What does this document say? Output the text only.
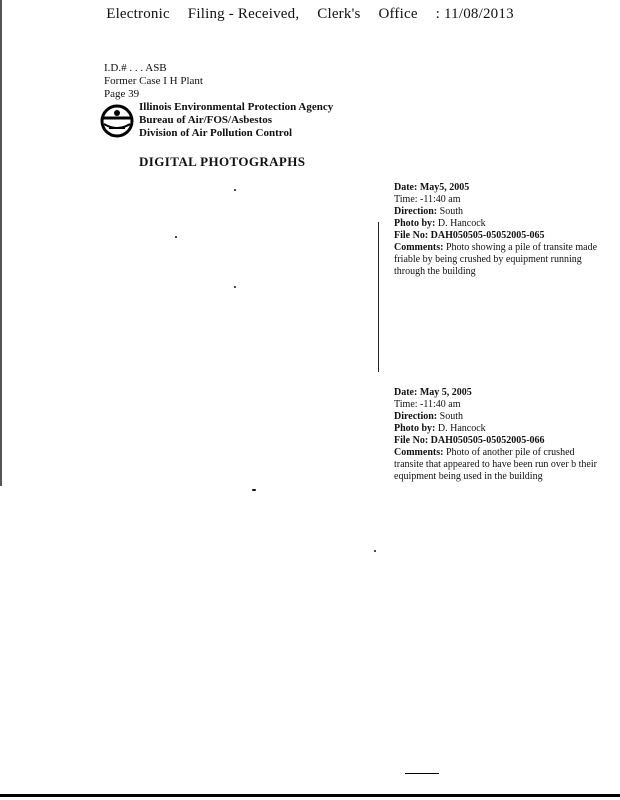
Electronic Filing - Received, Clerk's Office : 11/08/2013
I.D.# . . . ASB
Former Case I H Plant
Page 39
Illinois Environmental Protection Agency
Bureau of Air/FOS/Asbestos
Division of Air Pollution Control
DIGITAL PHOTOGRAPHS
Date: May5, 2005
Time: -11:40 am
Direction: South
Photo by: D. Hancock
File No: DAH050505-05052005-065
Comments: Photo showing a pile of transite made friable by being crushed by equipment running through the building
Date: May 5, 2005
Time: -11:40 am
Direction: South
Photo by: D. Hancock
File No: DAH050505-05052005-066
Comments: Photo of another pile of crushed transite that appeared to have been run over b their equipment being used in the building
